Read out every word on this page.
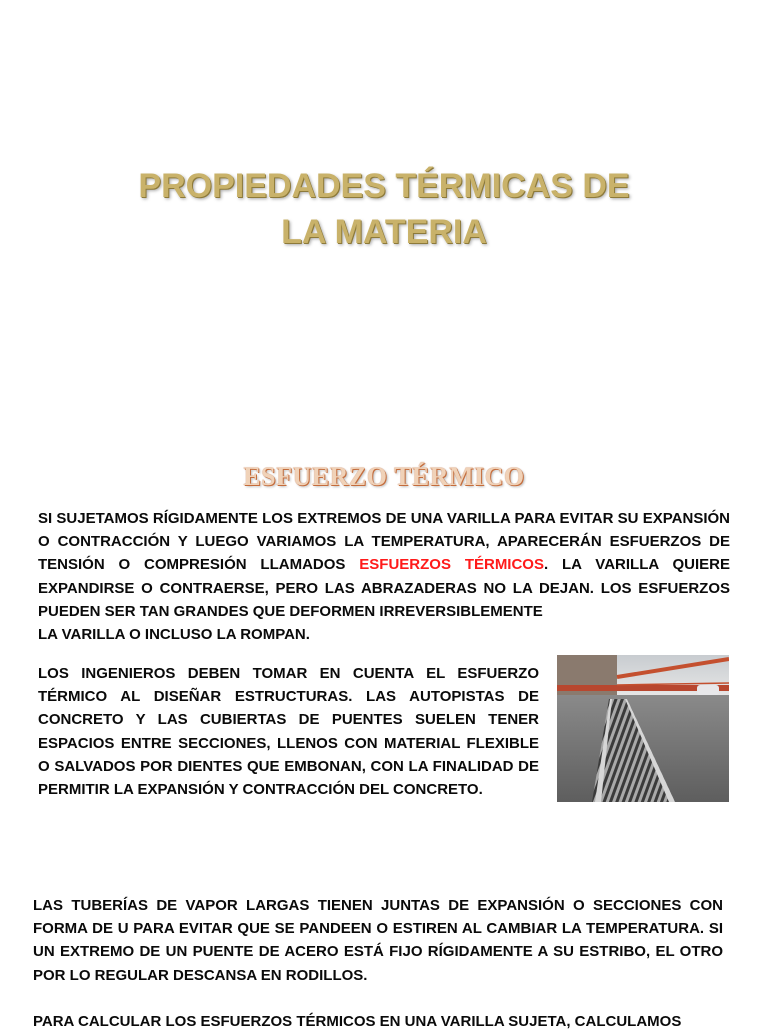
PROPIEDADES TÉRMICAS DE
LA MATERIA
ESFUERZO TÉRMICO

SI SUJETAMOS RÍGIDAMENTE LOS EXTREMOS DE UNA VARILLA PARA EVITAR SU EXPANSIÓN O CONTRACCIÓN Y LUEGO VARIAMOS LA TEMPERATURA, APARECERÁN ESFUERZOS DE TENSIÓN O COMPRESIÓN LLAMADOS ESFUERZOS TÉRMICOS. LA VARILLA QUIERE EXPANDIRSE O CONTRAERSE, PERO LAS ABRAZADERAS NO LA DEJAN. LOS ESFUERZOS PUEDEN SER TAN GRANDES QUE DEFORMEN IRREVERSIBLEMENTE
LA VARILLA O INCLUSO LA ROMPAN.

LOS INGENIEROS DEBEN TOMAR EN CUENTA EL ESFUERZO TÉRMICO AL DISEÑAR ESTRUCTURAS. LAS AUTOPISTAS DE CONCRETO Y LAS CUBIERTAS DE PUENTES SUELEN TENER ESPACIOS ENTRE SECCIONES, LLENOS CON MATERIAL FLEXIBLE O SALVADOS POR DIENTES QUE EMBONAN, CON LA FINALIDAD DE PERMITIR LA EXPANSIÓN Y CONTRACCIÓN DEL CONCRETO.

LAS TUBERÍAS DE VAPOR LARGAS TIENEN JUNTAS DE EXPANSIÓN O SECCIONES CON FORMA DE U PARA EVITAR QUE SE PANDEEN O ESTIREN AL CAMBIAR LA TEMPERATURA. SI UN EXTREMO DE UN PUENTE DE ACERO ESTÁ FIJO RÍGIDAMENTE A SU ESTRIBO, EL OTRO POR LO REGULAR DESCANSA EN RODILLOS.

PARA CALCULAR LOS ESFUERZOS TÉRMICOS EN UNA VARILLA SUJETA, CALCULAMOS
